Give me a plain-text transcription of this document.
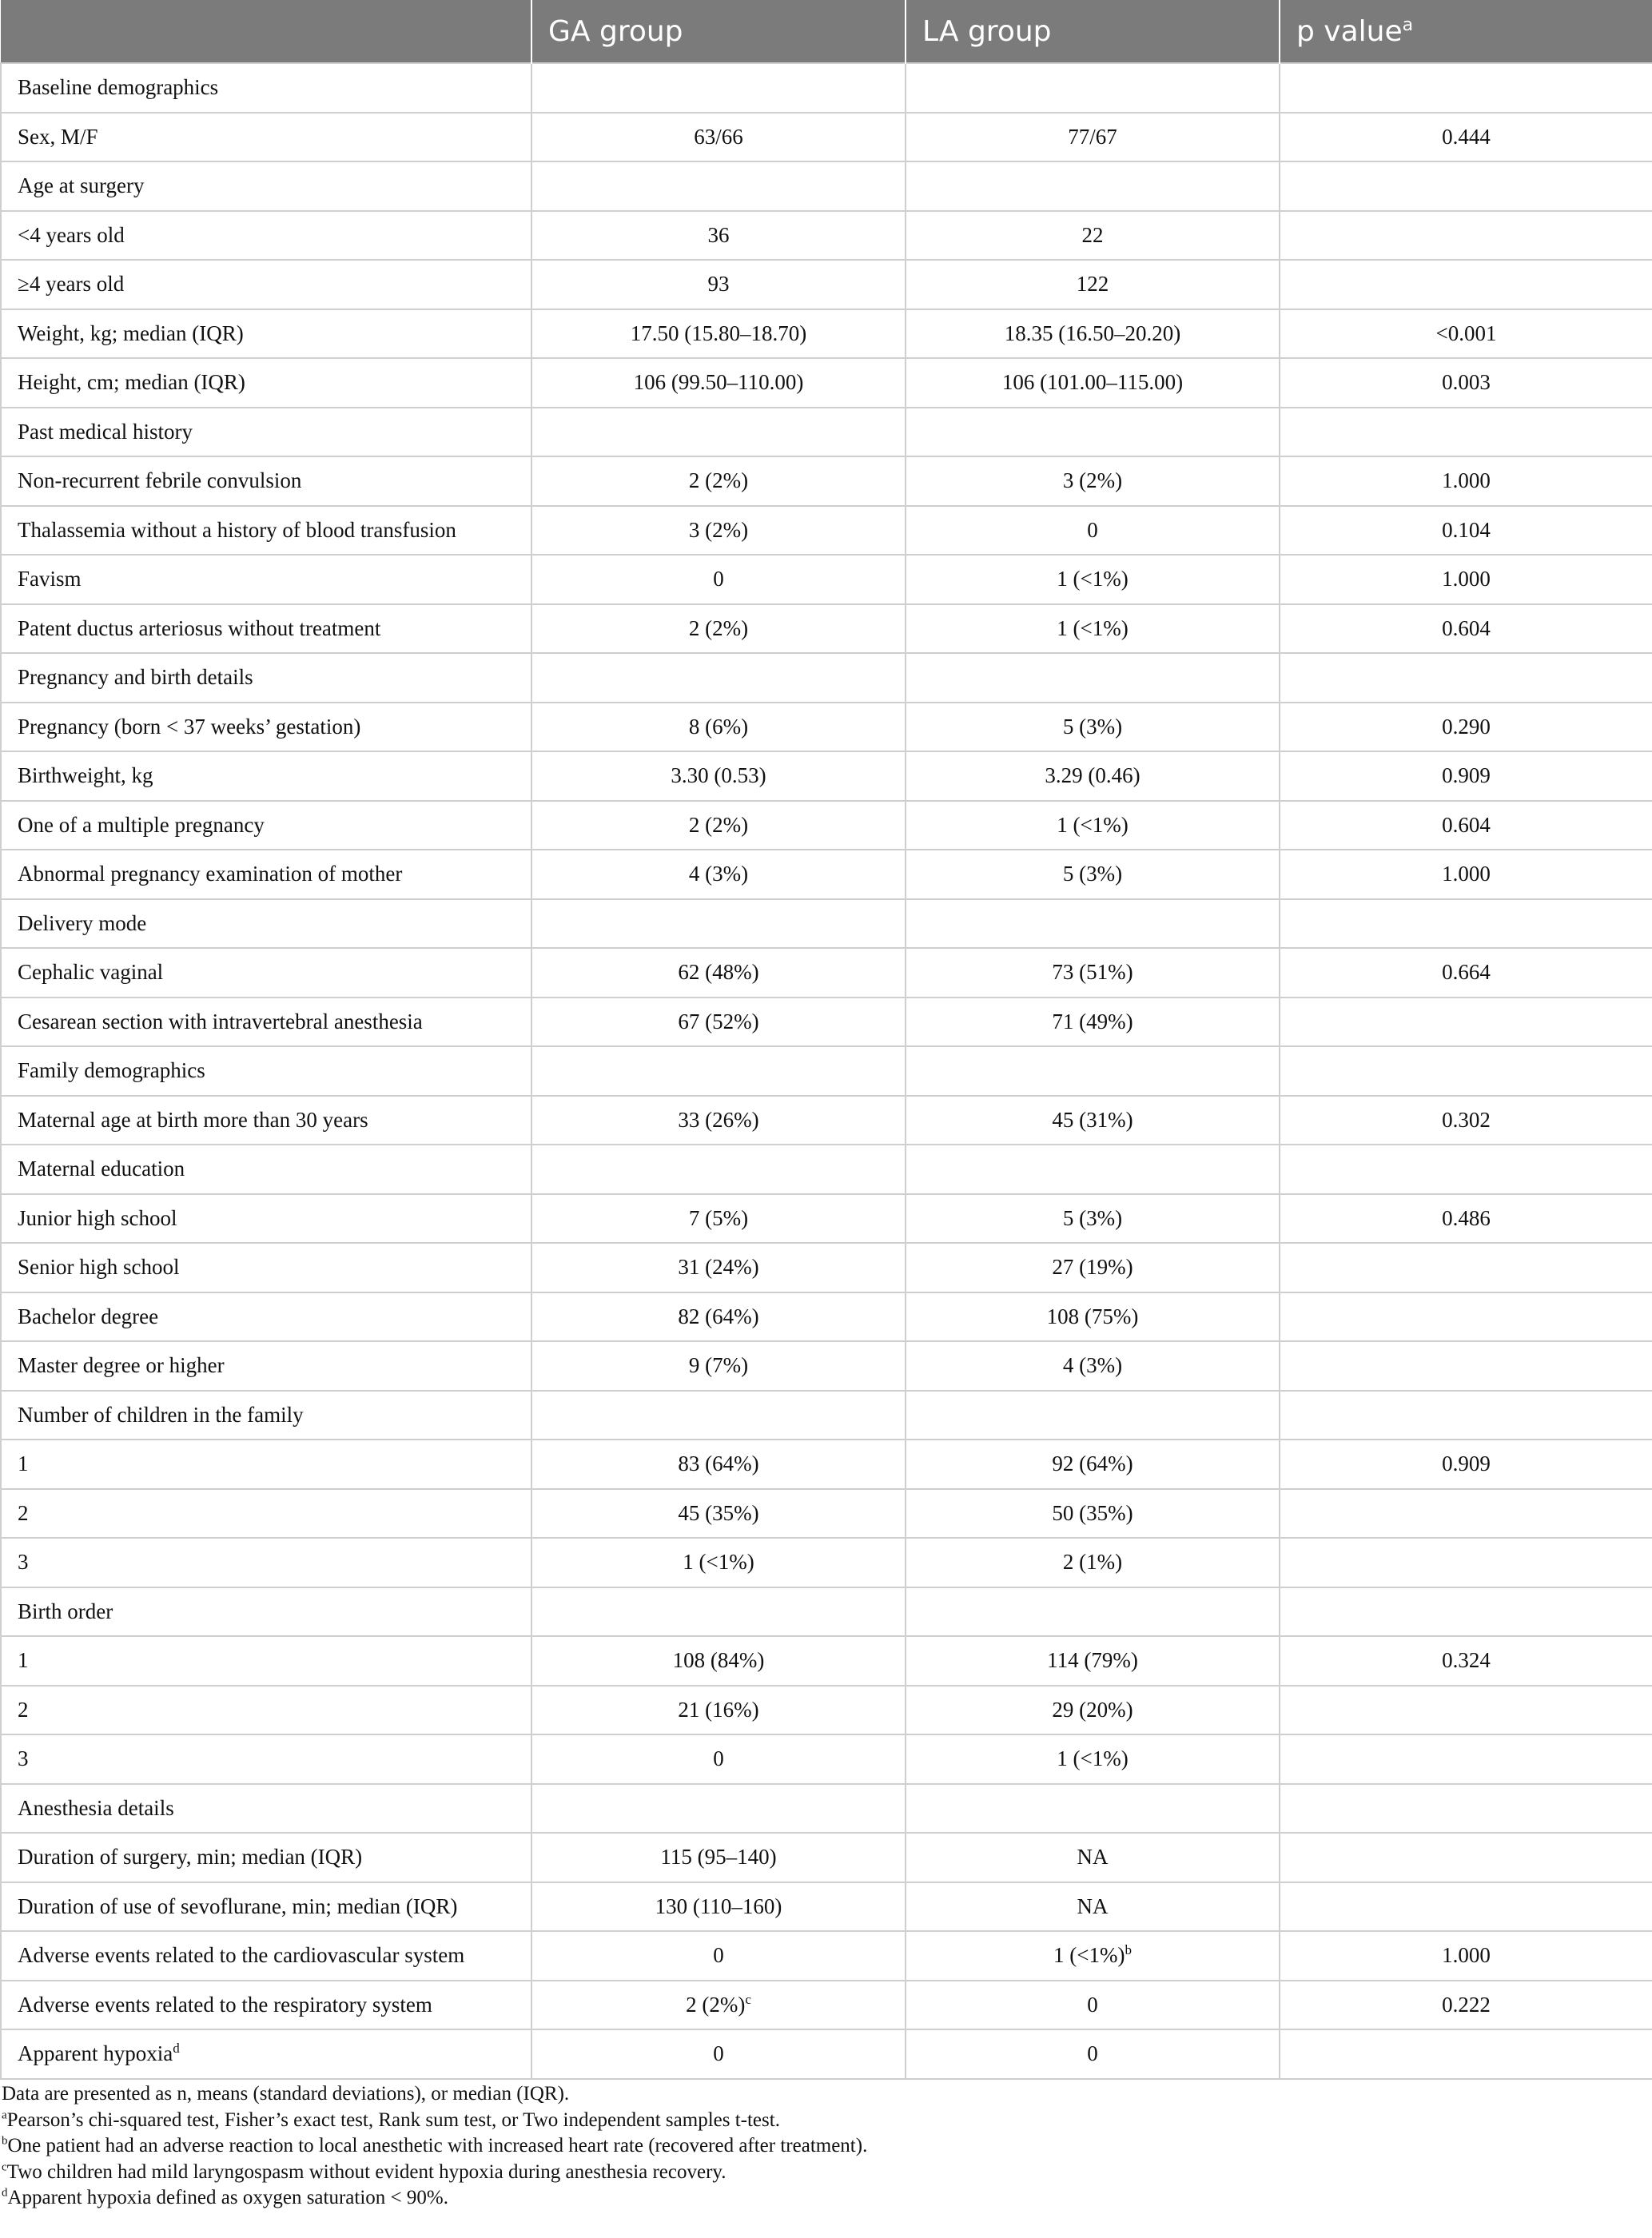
	GA group	LA group	p value$^a$
Baseline demographics			
Sex, M/F	63/66	77/67	0.444
Age at surgery			
<4 years old	36	22	
≥4 years old	93	122	
Weight, kg; median (IQR)	17.50 (15.80–18.70)	18.35 (16.50–20.20)	<0.001
Height, cm; median (IQR)	106 (99.50–110.00)	106 (101.00–115.00)	0.003
Past medical history			
Non-recurrent febrile convulsion	2 (2%)	3 (2%)	1.000
Thalassemia without a history of blood transfusion	3 (2%)	0	0.104
Favism	0	1 (<1%)	1.000
Patent ductus arteriosus without treatment	2 (2%)	1 (<1%)	0.604
Pregnancy and birth details			
Pregnancy (born < 37 weeks’ gestation)	8 (6%)	5 (3%)	0.290
Birthweight, kg	3.30 (0.53)	3.29 (0.46)	0.909
One of a multiple pregnancy	2 (2%)	1 (<1%)	0.604
Abnormal pregnancy examination of mother	4 (3%)	5 (3%)	1.000
Delivery mode			
Cephalic vaginal	62 (48%)	73 (51%)	0.664
Cesarean section with intravertebral anesthesia	67 (52%)	71 (49%)	
Family demographics			
Maternal age at birth more than 30 years	33 (26%)	45 (31%)	0.302
Maternal education			
Junior high school	7 (5%)	5 (3%)	0.486
Senior high school	31 (24%)	27 (19%)	
Bachelor degree	82 (64%)	108 (75%)	
Master degree or higher	9 (7%)	4 (3%)	
Number of children in the family			
1	83 (64%)	92 (64%)	0.909
2	45 (35%)	50 (35%)	
3	1 (<1%)	2 (1%)	
Birth order			
1	108 (84%)	114 (79%)	0.324
2	21 (16%)	29 (20%)	
3	0	1 (<1%)	
Anesthesia details			
Duration of surgery, min; median (IQR)	115 (95–140)	NA	
Duration of use of sevoflurane, min; median (IQR)	130 (110–160)	NA	
Adverse events related to the cardiovascular system	0	1 (<1%)$^b$	1.000
Adverse events related to the respiratory system	2 $(2\%)^c$	0	0.222
Apparent hypoxia$^d$	0	0	

Data are presented as n, means (standard deviations), or median (IQR).

$^a$Pearson’s chi-squared test, Fisher’s exact test, Rank sum test, or Two independent samples t-test.

$^b$One patient had an adverse reaction to local anesthetic with increased heart rate (recovered after treatment).

$^c$Two children had mild laryngospasm without evident hypoxia during anesthesia recovery.

$^d$Apparent hypoxia defined as oxygen saturation < 90%.
